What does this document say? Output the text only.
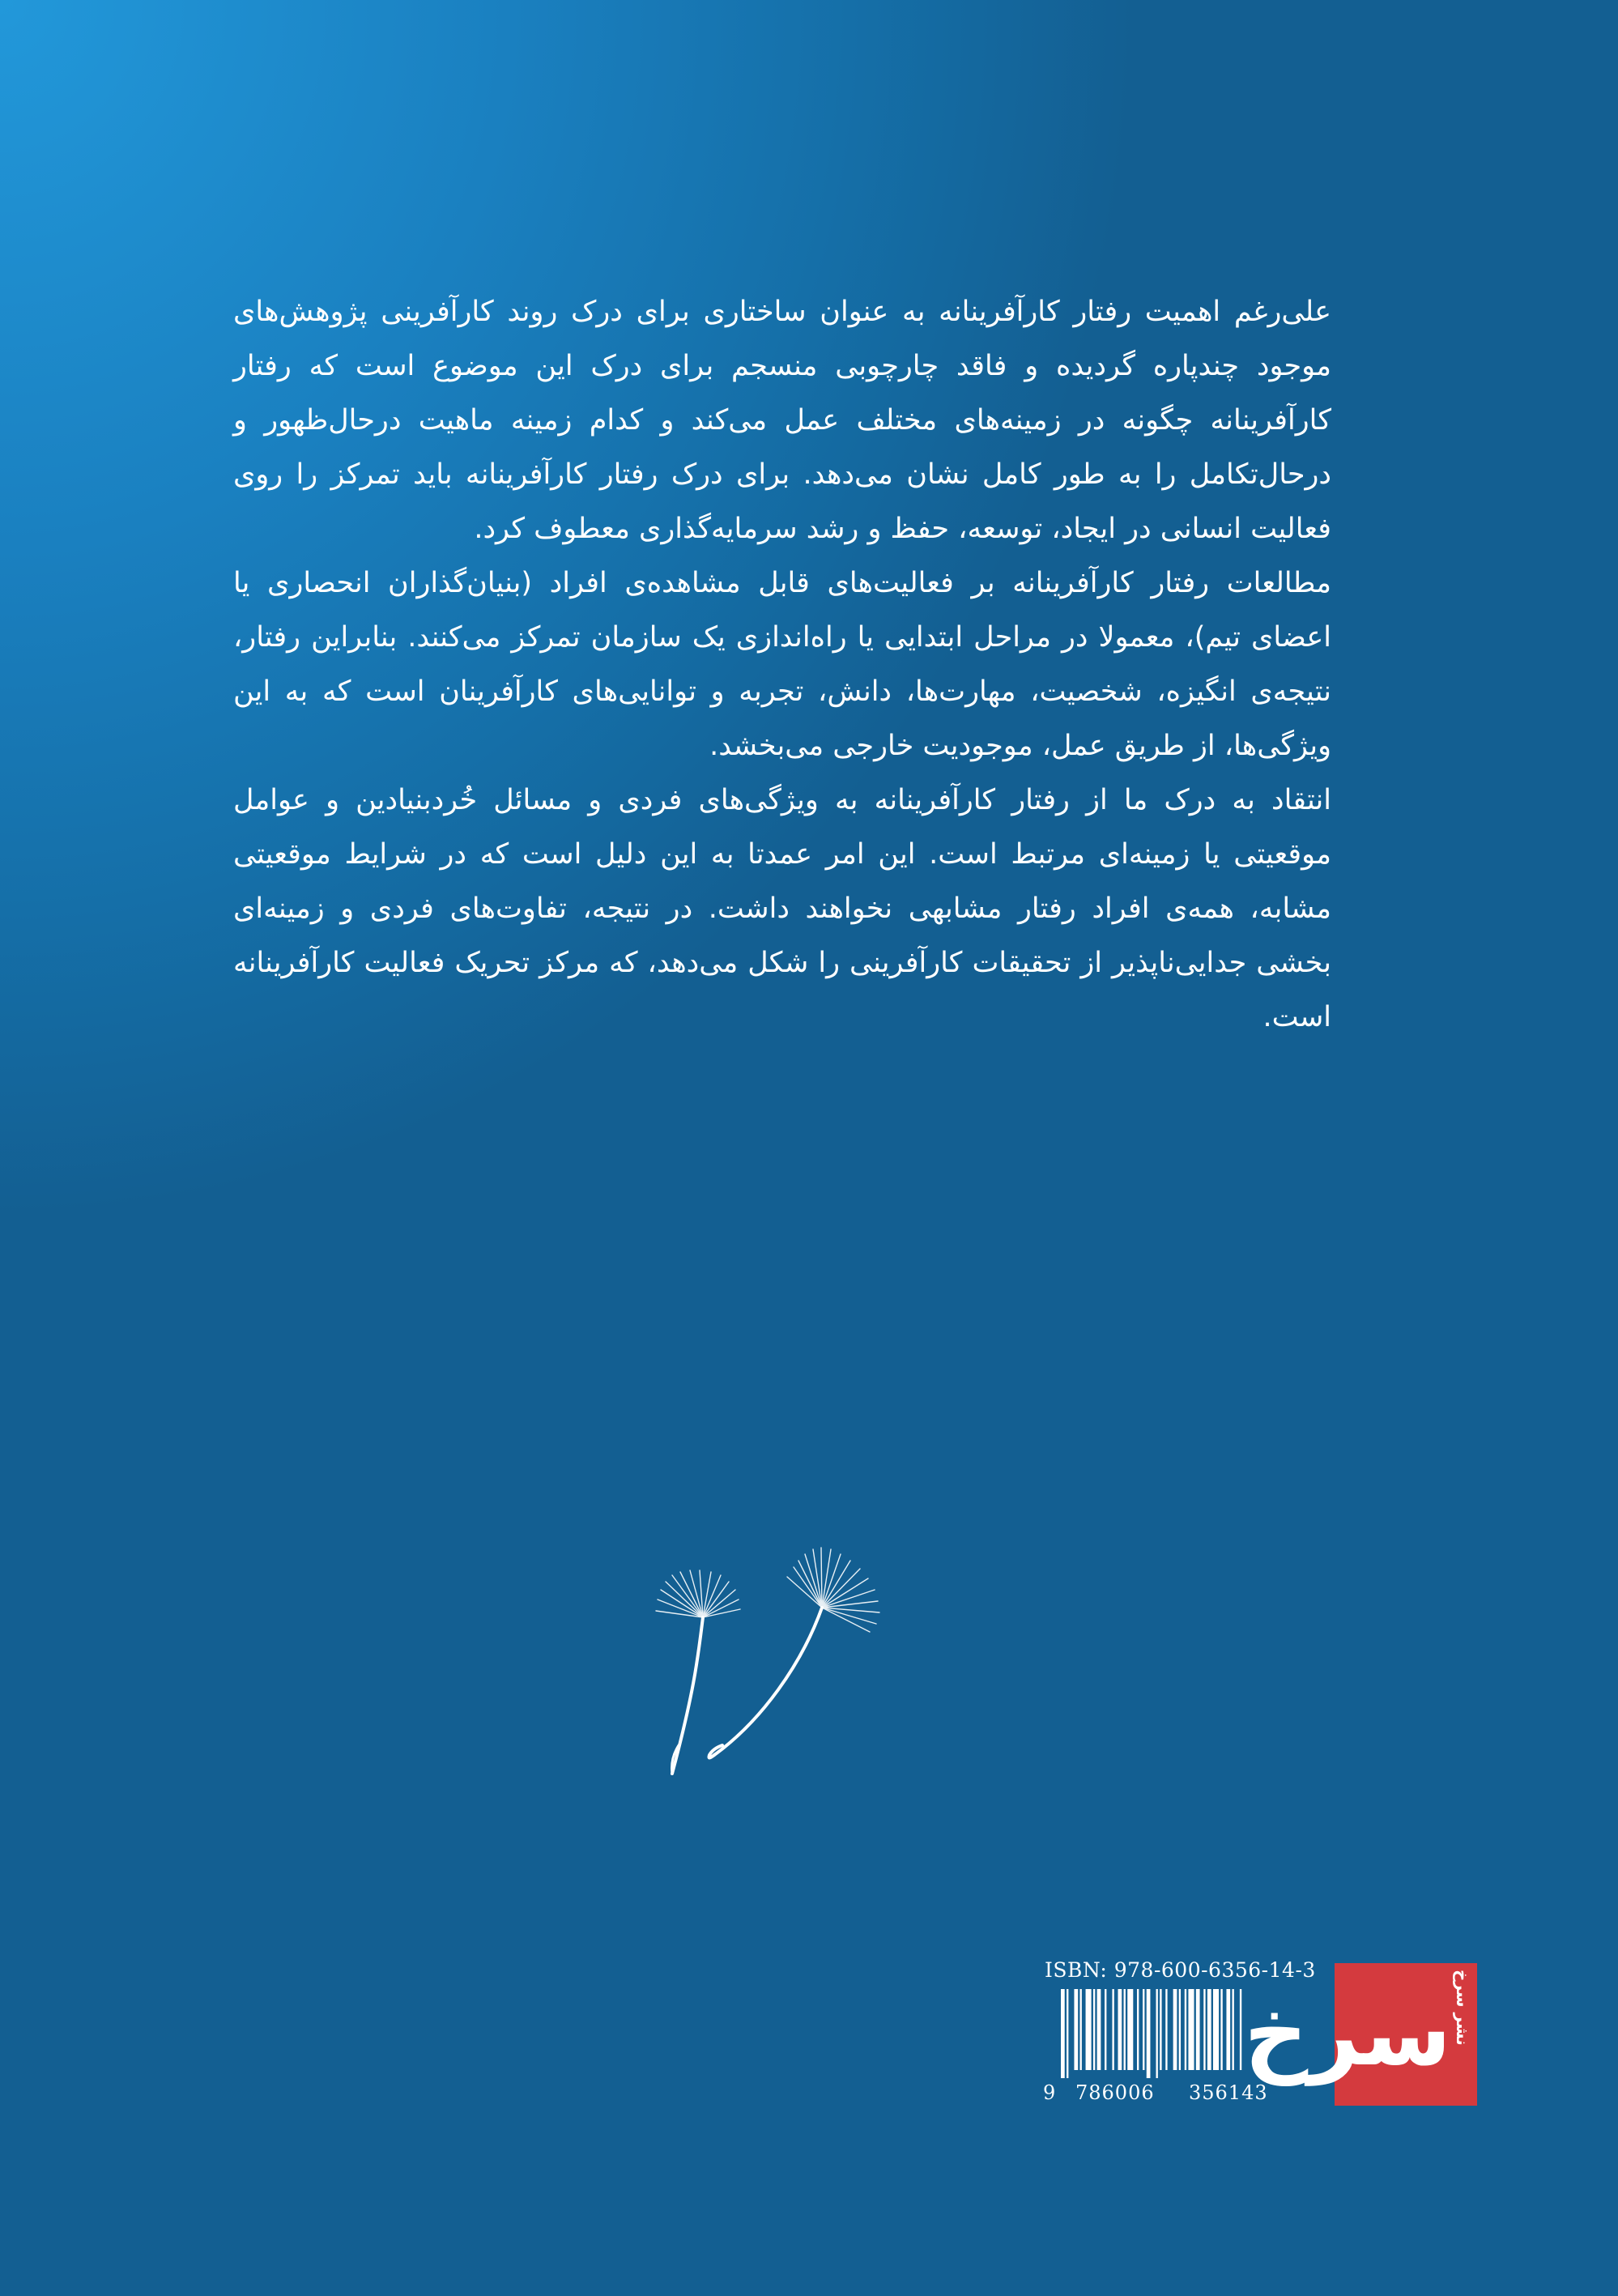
علی‌رغم اهمیت رفتار کارآفرینانه به عنوان ساختاری برای درک روند کارآفرینی پژوهش‌های موجود چندپاره گردیده و فاقد چارچوبی منسجم برای درک این موضوع است که رفتار کارآفرینانه چگونه در زمینه‌های مختلف عمل می‌کند و کدام زمینه ماهیت درحال‌ظهور و درحال‌تکامل را به طور کامل نشان می‌دهد. برای درک رفتار کارآفرینانه باید تمرکز را روی فعالیت انسانی در ایجاد، توسعه، حفظ و رشد سرمایه‌گذاری معطوف کرد.

مطالعات رفتار کارآفرینانه بر فعالیت‌های قابل مشاهده‌ی افراد (بنیان‌گذاران انحصاری یا اعضای تیم)، معمولا در مراحل ابتدایی یا راه‌اندازی یک سازمان تمرکز می‌کنند. بنابراین رفتار، نتیجه‌ی انگیزه، شخصیت، مهارت‌ها، دانش، تجربه و توانایی‌های کارآفرینان است که به این ویژگی‌ها، از طریق عمل، موجودیت خارجی می‌بخشد.

انتقاد به درک ما از رفتار کارآفرینانه به ویژگی‌های فردی و مسائل خُردبنیادین و عوامل موقعیتی یا زمینه‌ای مرتبط است. این امر عمدتا به این دلیل است که در شرایط موقعیتی مشابه، همه‌ی افراد رفتار مشابهی نخواهند داشت. در نتیجه، تفاوت‌های فردی و زمینه‌ای بخشی جدایی‌ناپذیر از تحقیقات کارآفرینی را شکل می‌دهد، که مرکز تحریک فعالیت کارآفرینانه است.

ISBN: 978-600-6356-14-3
9 786006 356143
نشر سرخ
سرخ
